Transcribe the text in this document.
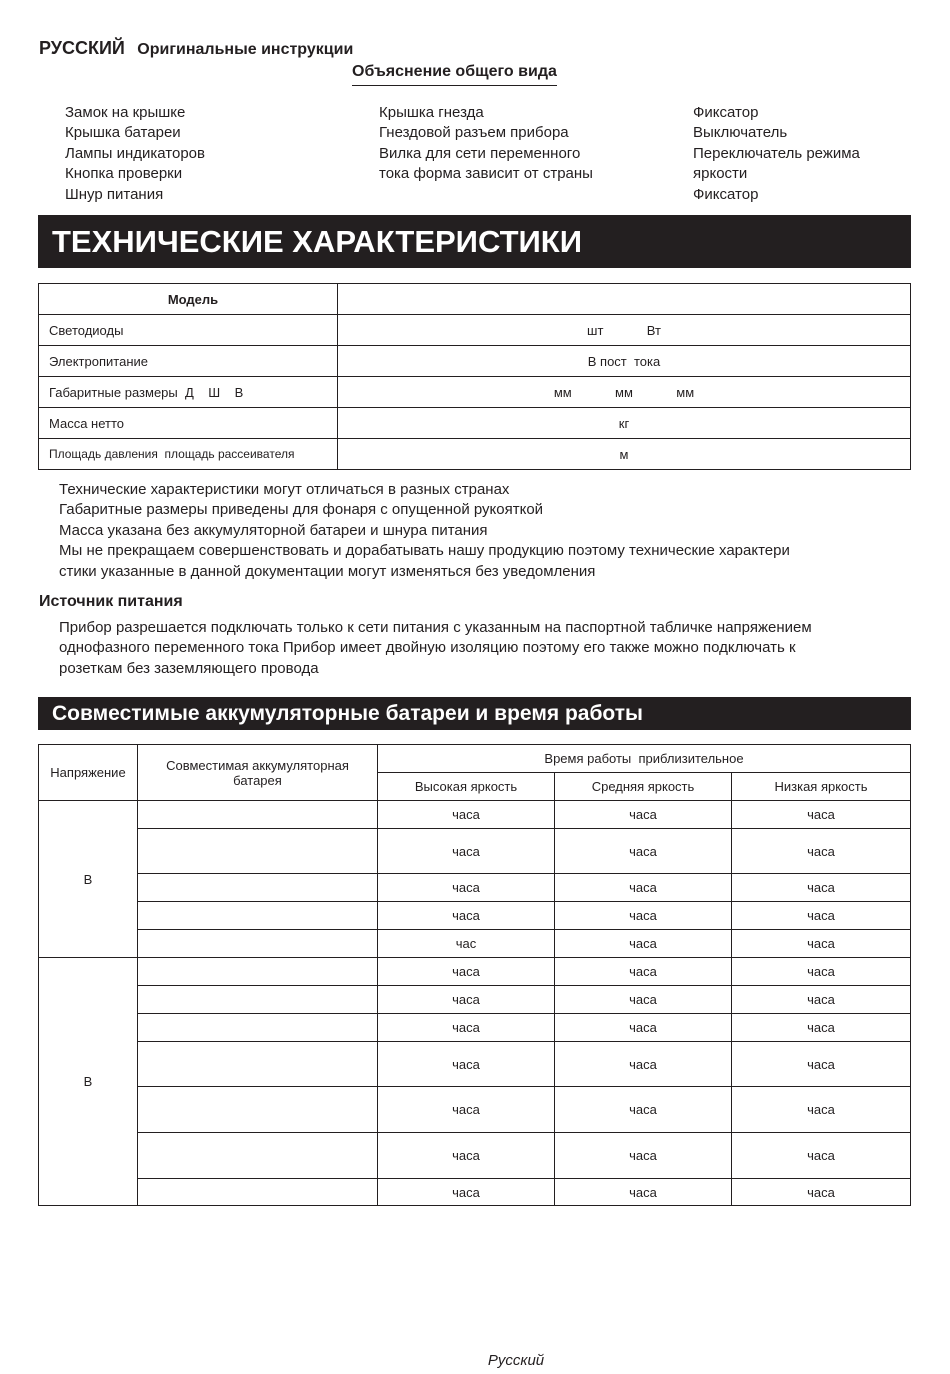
РУССКИЙ Оригинальные инструкции
Объяснение общего вида
Замок на крышке
Крышка батареи
Лампы индикаторов
Кнопка проверки
Шнур питания
Крышка гнезда
Гнездовой разъем прибора
Вилка для сети переменного
тока форма зависит от страны
Фиксатор
Выключатель
Переключатель режима
яркости
Фиксатор
ТЕХНИЧЕСКИЕ ХАРАКТЕРИСТИКИ
Модель	
Светодиоды	шт            Вт
Электропитание	В пост  тока
Габаритные размеры  Д    Ш    В	мм            мм            мм
Масса нетто	кг
Площадь давления  площадь рассеивателя	м
Технические характеристики могут отличаться в разных странах
Габаритные размеры приведены для фонаря с опущенной рукояткой
Масса указана без аккумуляторной батареи и шнура питания
Мы не прекращаем совершенствовать и дорабатывать нашу продукцию поэтому технические характери
стики указанные в данной документации могут изменяться без уведомления
Источник питания
Прибор разрешается подключать только к сети питания с указанным на паспортной табличке напряжением
однофазного переменного тока Прибор имеет двойную изоляцию поэтому его также можно подключать к
розеткам без заземляющего провода
Совместимые аккумуляторные батареи и время работы
Напряжение	Совместимая аккумуляторная батарея	Время работы  приблизительное		
		Высокая яркость	Средняя яркость	Низкая яркость
В		часа	часа	часа
		часа	часа	часа
		часа	часа	часа
		часа	часа	часа
		час	часа	часа
В		часа	часа	часа
		часа	часа	часа
		часа	часа	часа
		часа	часа	часа
		часа	часа	часа
		часа	часа	часа
		часа	часа	часа
Русский
